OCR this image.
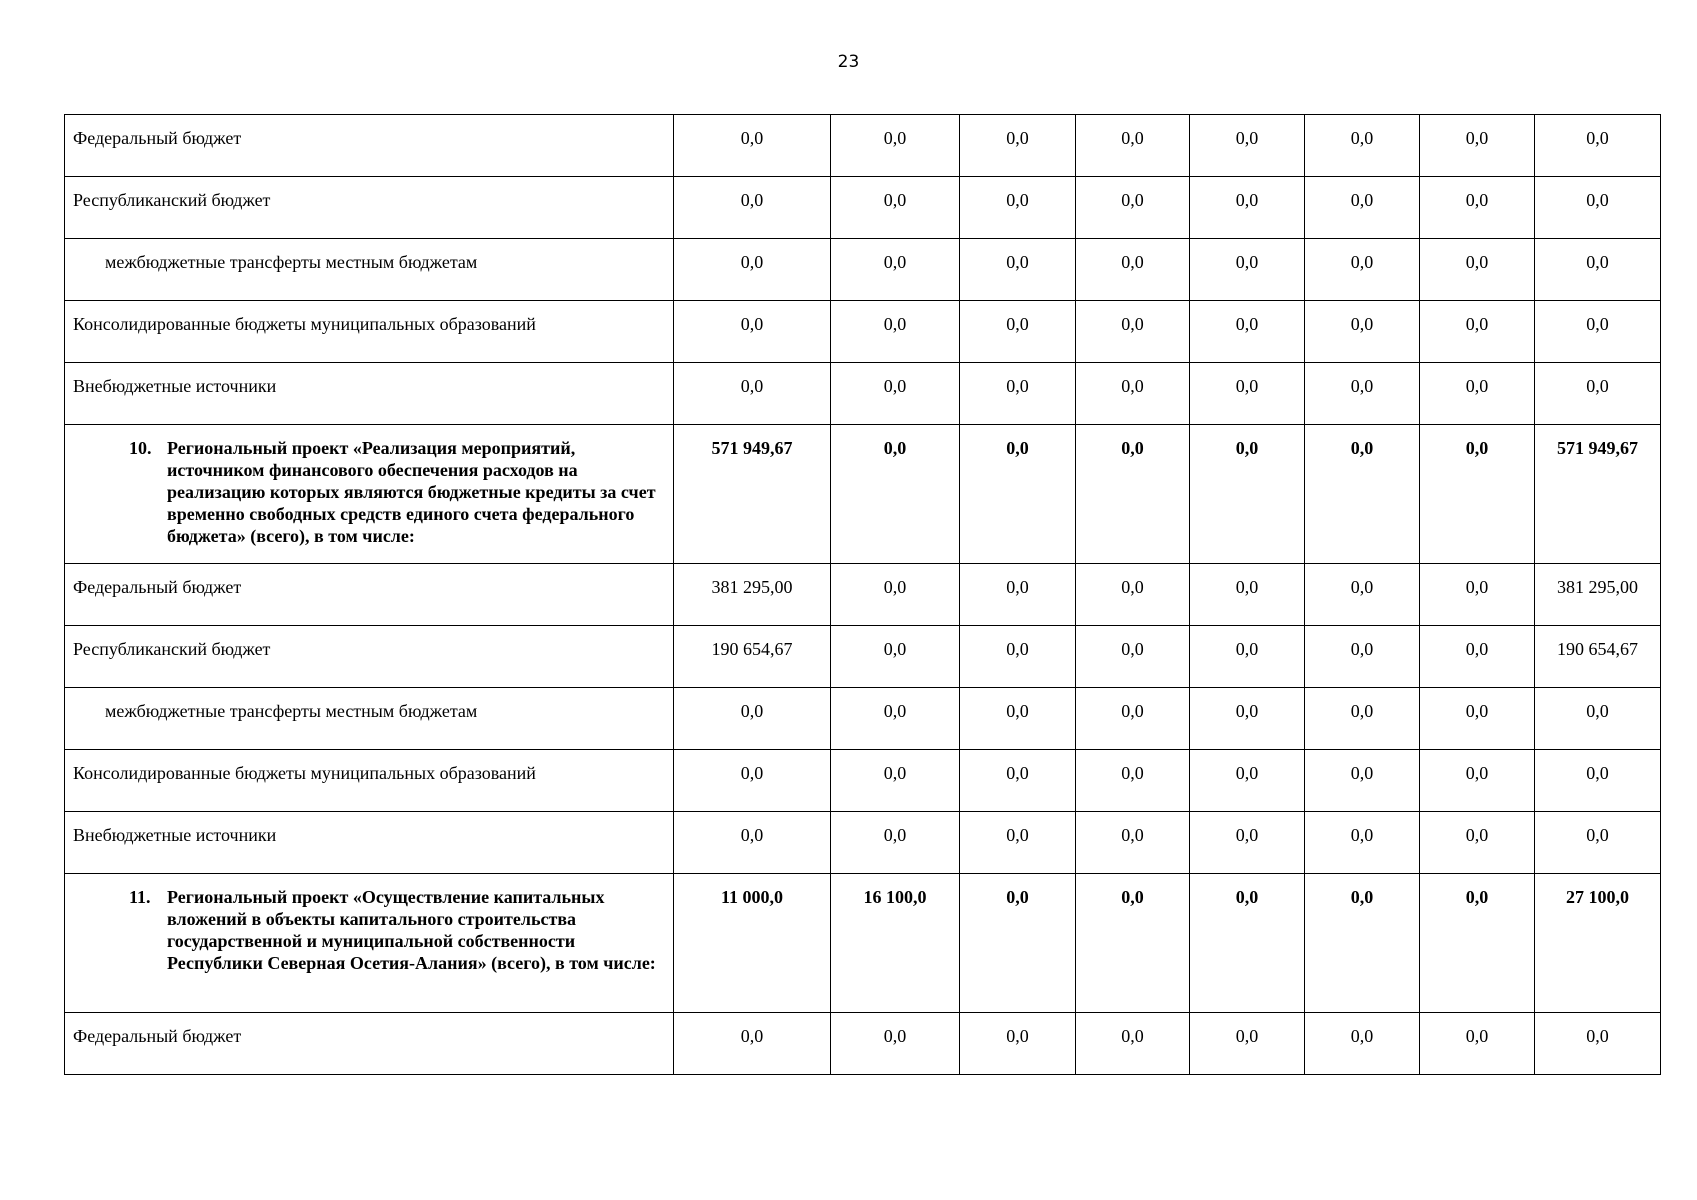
23
Федеральный бюджет	0,0	0,0	0,0	0,0	0,0	0,0	0,0	0,0
Республиканский бюджет	0,0	0,0	0,0	0,0	0,0	0,0	0,0	0,0
межбюджетные трансферты местным бюджетам	0,0	0,0	0,0	0,0	0,0	0,0	0,0	0,0
Консолидированные бюджеты муниципальных образований	0,0	0,0	0,0	0,0	0,0	0,0	0,0	0,0
Внебюджетные источники	0,0	0,0	0,0	0,0	0,0	0,0	0,0	0,0

10. Региональный проект «Реализация мероприятий, источником финансового обеспечения расходов на реализацию которых являются бюджетные кредиты за счет временно свободных средств единого счета федерального бюджета» (всего), в том числе:	571 949,67	0,0	0,0	0,0	0,0	0,0	0,0	571 949,67
Федеральный бюджет	381 295,00	0,0	0,0	0,0	0,0	0,0	0,0	381 295,00
Республиканский бюджет	190 654,67	0,0	0,0	0,0	0,0	0,0	0,0	190 654,67
межбюджетные трансферты местным бюджетам	0,0	0,0	0,0	0,0	0,0	0,0	0,0	0,0
Консолидированные бюджеты муниципальных образований	0,0	0,0	0,0	0,0	0,0	0,0	0,0	0,0
Внебюджетные источники	0,0	0,0	0,0	0,0	0,0	0,0	0,0	0,0

11. Региональный проект «Осуществление капитальных вложений в объекты капитального строительства государственной и муниципальной собственности Республики Северная Осетия-Алания» (всего), в том числе:	11 000,0	16 100,0	0,0	0,0	0,0	0,0	0,0	27 100,0
Федеральный бюджет	0,0	0,0	0,0	0,0	0,0	0,0	0,0	0,0
